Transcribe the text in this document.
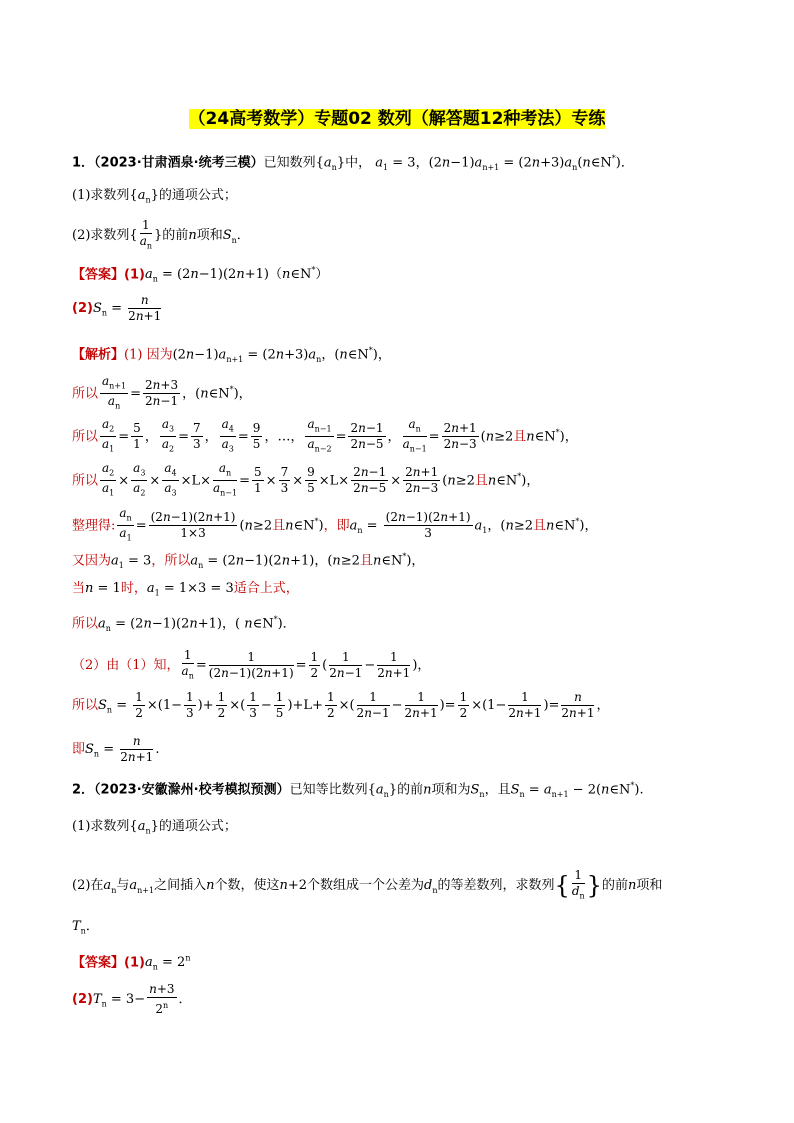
（24高考数学）专题02 数列（解答题12种考法）专练
1．（2023·甘肃酒泉·统考三模）已知数列$\{a_n\}$中， $a_1 = 3$，$(2n-1)a_{n+1}$ = $(2n+3)a_n(n\in N^*)$．
(1)求数列$\{a_n\}$的通项公式；
(2)求数列{ $\frac{1}{a_n}$ }的前n项和$S_n$．
【答案】$(1)a_n$ = (2n−1)(2n+1)（n∈N*）
$(2)S_n = \frac{n}{2n+1}$
【解析】(1) 因为$(2n-1)a_{n+1} = (2n+3)a_n$，(n∈N*)，
所以 $\frac{a_{n+1}}{a_n} = \frac{2n+3}{2n-1}$ ，(n∈N*)，
所以 $\frac{a_2}{a_1} = \frac{5}{1}$ ， $\frac{a_3}{a_2} = \frac{7}{3}$ ， $\frac{a_4}{a_3} = \frac{9}{5}$ ，…， $\frac{a_{n-1}}{a_{n-2}} = \frac{2n-1}{2n-5}$ ， $\frac{a_n}{a_{n-1}} = \frac{2n+1}{2n-3} (n\ge 2$且n∈N*)，
所以 $\frac{a_2}{a_1} \times \frac{a_3}{a_2} \times \frac{a_4}{a_3} \times L\times \frac{a_n}{a_{n-1}} = \frac{5}{1} \times \frac{7}{3} \times \frac{9}{5} \times L\times \frac{2n-1}{2n-5} \times \frac{2n+1}{2n-3} (n\ge 2$且n∈N*)，
整理得: $\frac{a_n}{a_1} = \frac{(2n-1)(2n+1)}{1\times 3} (n\ge 2$且n∈N*)，即$a_n = \frac{(2n-1)(2n+1)}{3} a_1$，(n≥2且n∈N*)，
又因为$a_1 = 3$，所以$a_n = (2n-1)(2n+1)$，(n≥2且n∈N*)，
当n = 1时，$a_1 = 1\times 3 = 3$适合上式，
所以$a_n = (2n-1)(2n+1)$，( n∈N*)．
（2）由（1）知， $\frac{1}{a_n} = \frac{1}{(2n-1)(2n+1)} = \frac{1}{2}$ ( $\frac{1}{2n-1} - \frac{1}{2n+1}$ )，
所以$S_n = \frac{1}{2} \times(1- \frac{1}{3}$ )+ $\frac{1}{2}$ ×( $\frac{1}{3} - \frac{1}{5} )+L+ \frac{1}{2}$ ×( $\frac{1}{2n-1} - \frac{1}{2n+1}$ )= $\frac{1}{2} \times(1- \frac{1}{2n+1}$ )= $\frac{n}{2n+1}$ ，
即$S_n = \frac{n}{2n+1}$ .
2．（2023·安徽滁州·校考模拟预测）已知等比数列$\{a_n\}$的前n项和为$S_n$，且$S_n = a_{n+1}$ − 2(n∈N*).
(1)求数列$\{a_n\}$的通项公式；
(2)在$a_n$与$a_{n+1}$之间插入n个数，使这n+2个数组成一个公差为$d_n$的等差数列，求数列{ $\frac{1}{d_n}$ }的前n项和
$T_n$．
【答案】$(1)a_n = 2^n$
$(2)T_n = 3- \frac{n+3}{2^n}$ ．
